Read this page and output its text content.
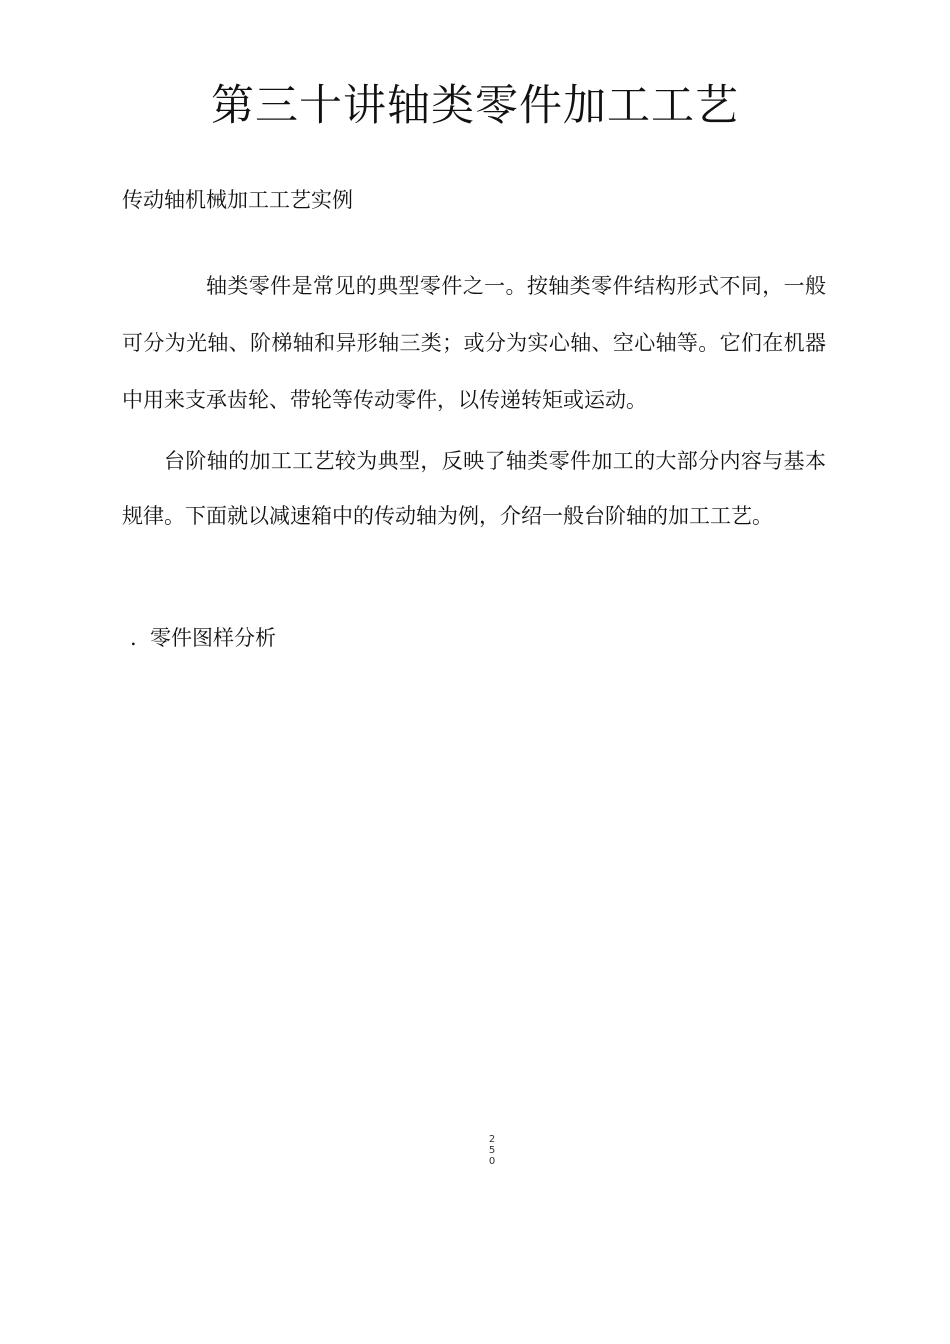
第三十讲轴类零件加工工艺

传动轴机械加工工艺实例

轴类零件是常见的典型零件之一。按轴类零件结构形式不同，一般可分为光轴、阶梯轴和异形轴三类；或分为实心轴、空心轴等。它们在机器中用来支承齿轮、带轮等传动零件，以传递转矩或运动。

台阶轴的加工工艺较为典型，反映了轴类零件加工的大部分内容与基本规律。下面就以减速箱中的传动轴为例，介绍一般台阶轴的加工工艺。

. 零件图样分析

2
5
0
